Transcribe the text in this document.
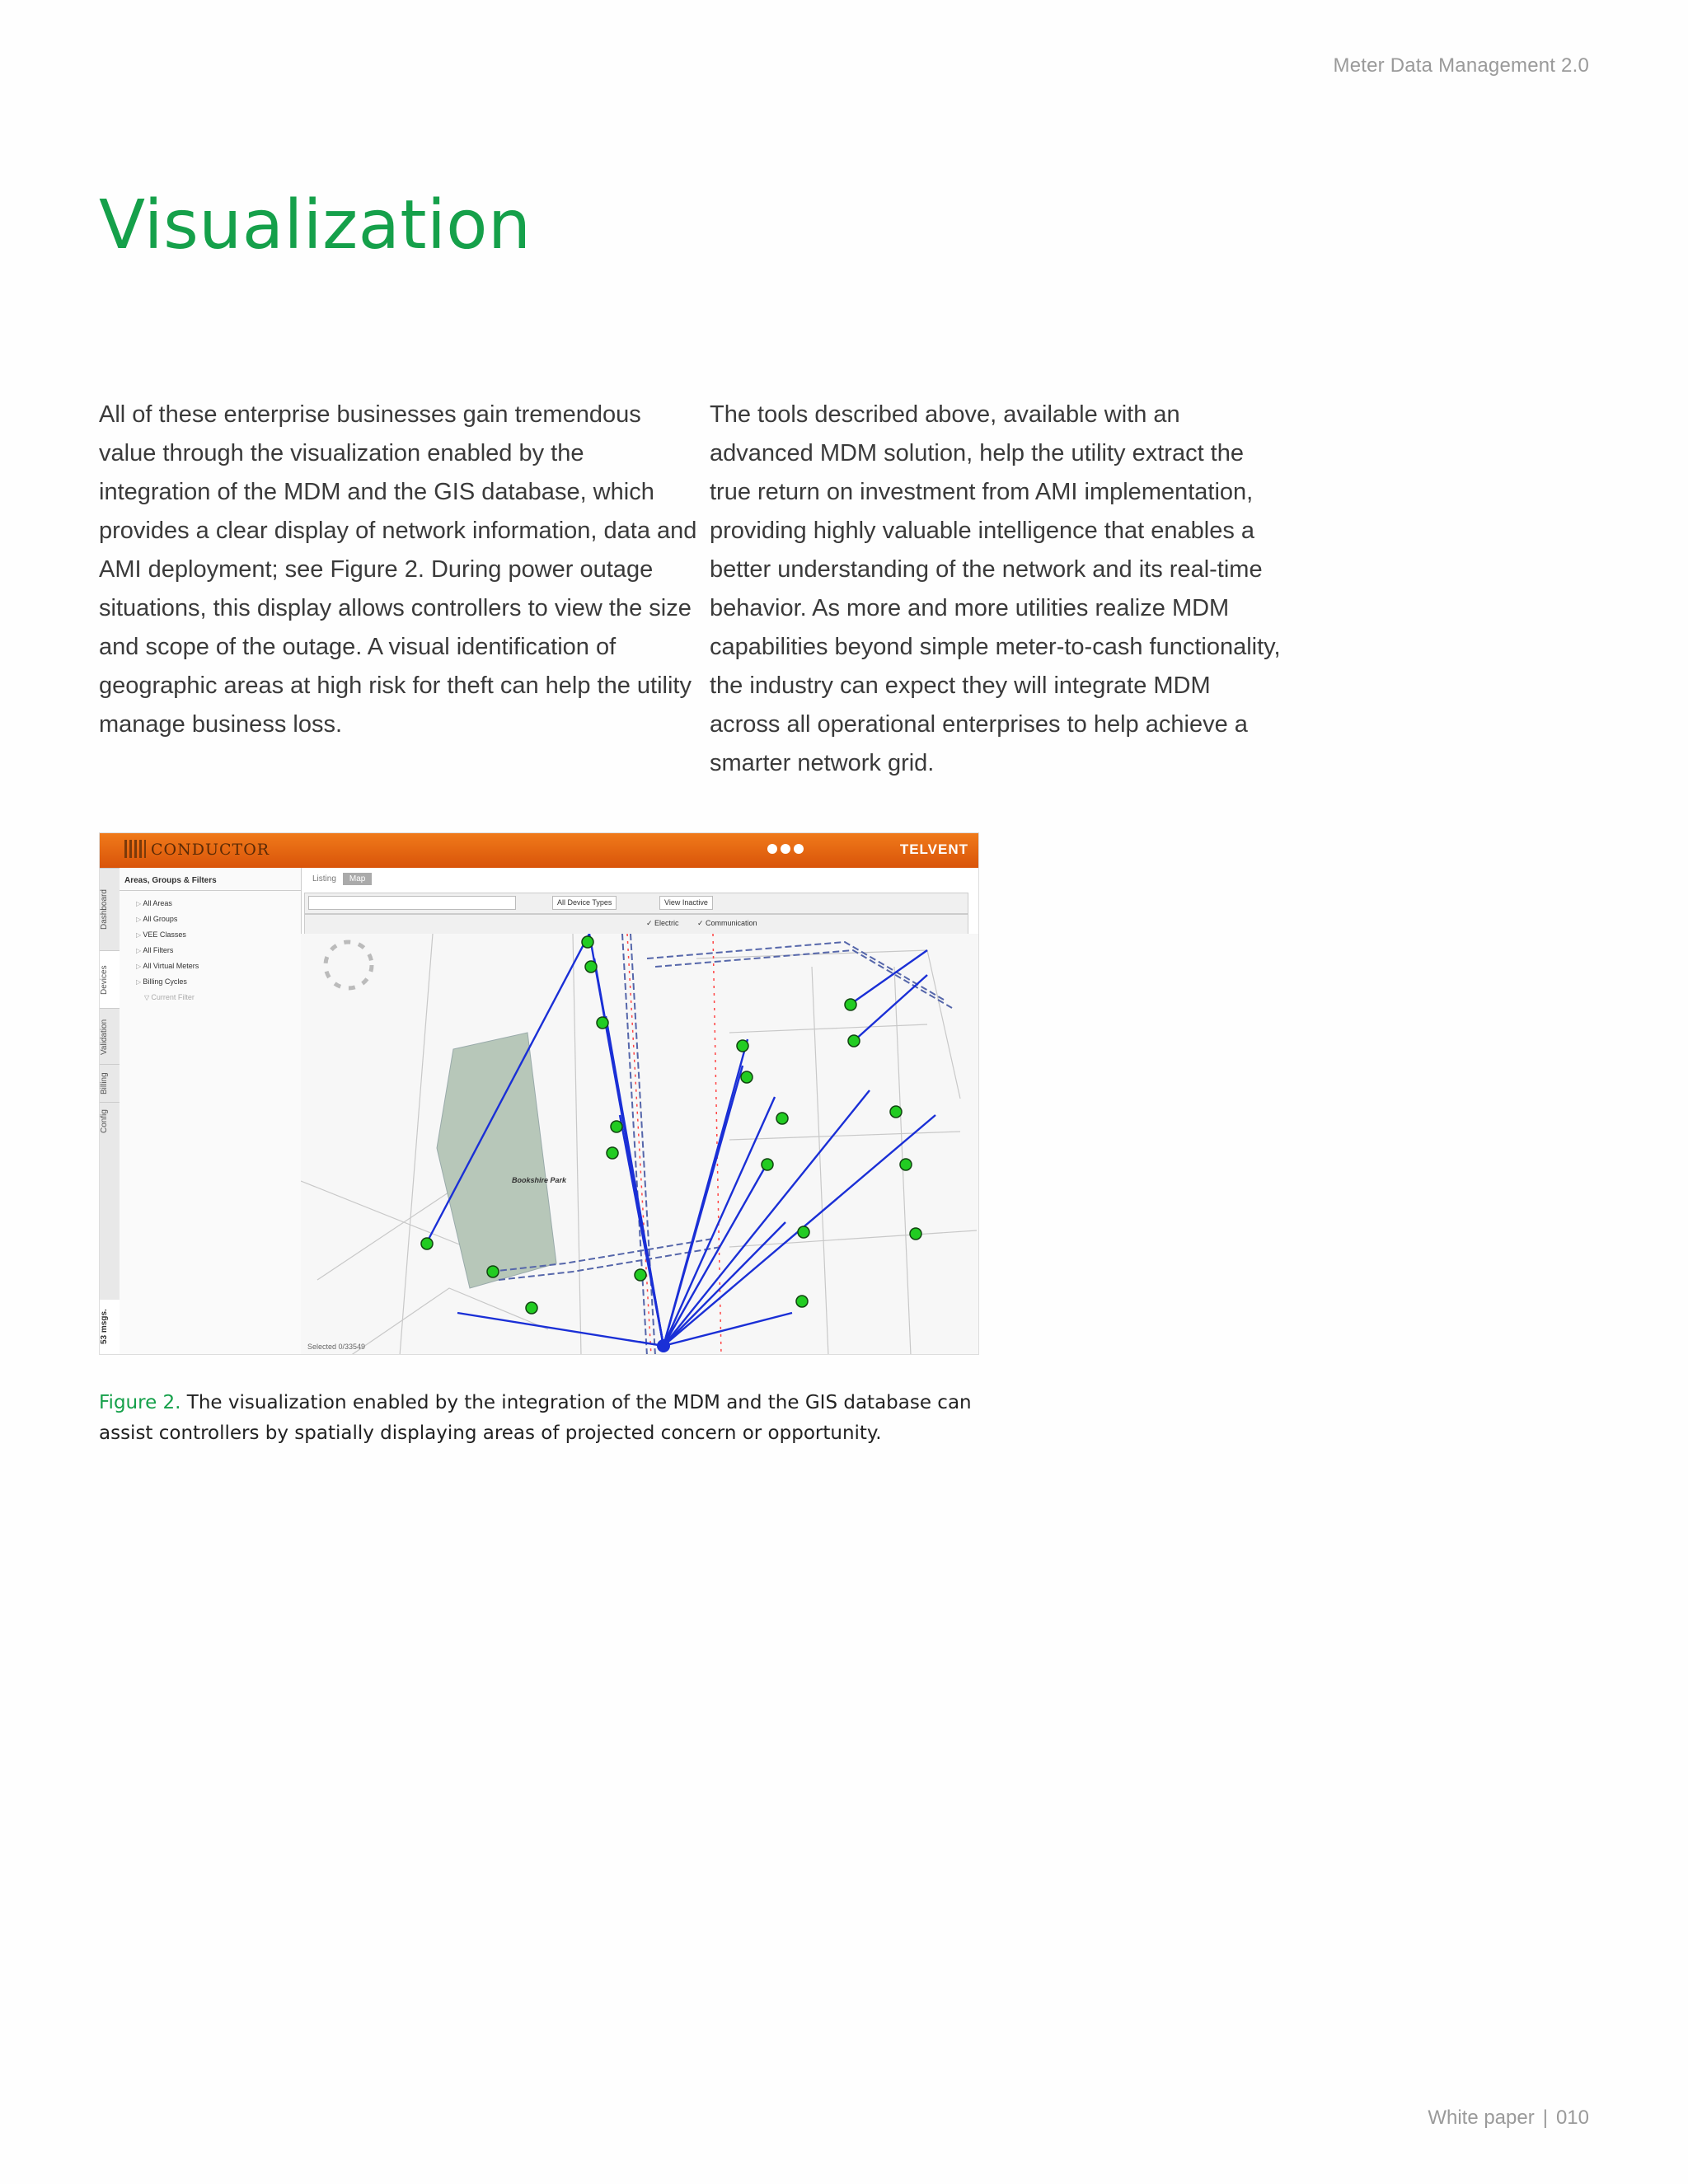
Meter Data Management 2.0
Visualization

All of these enterprise businesses gain tremendous value through the visualization enabled by the integration of the MDM and the GIS database, which provides a clear display of network information, data and AMI deployment; see Figure 2. During power outage situations, this display allows controllers to view the size and scope of the outage. A visual identification of geographic areas at high risk for theft can help the utility manage business loss.

The tools described above, available with an advanced MDM solution, help the utility extract the true return on investment from AMI implementation, providing highly valuable intelligence that enables a better understanding of the network and its real-time behavior. As more and more utilities realize MDM capabilities beyond simple meter-to-cash functionality, the industry can expect they will integrate MDM across all operational enterprises to help achieve a smarter network grid.

CONDUCTOR	TELVENT
Dashboard
Devices
Validation
Billing
Config
53 msgs.
Areas, Groups & Filters
▷ All Areas
▷ All Groups
▷ VEE Classes
▷ All Filters
▷ All Virtual Meters
▷ Billing Cycles
▽ Current Filter
Listing Map
All Device Types	View Inactive
✓ Electric ✓ Communication
Bookshire Park
Selected 0/33549
Figure 2. The visualization enabled by the integration of the MDM and the GIS database can assist controllers by spatially displaying areas of projected concern or opportunity.
White paper | 010
